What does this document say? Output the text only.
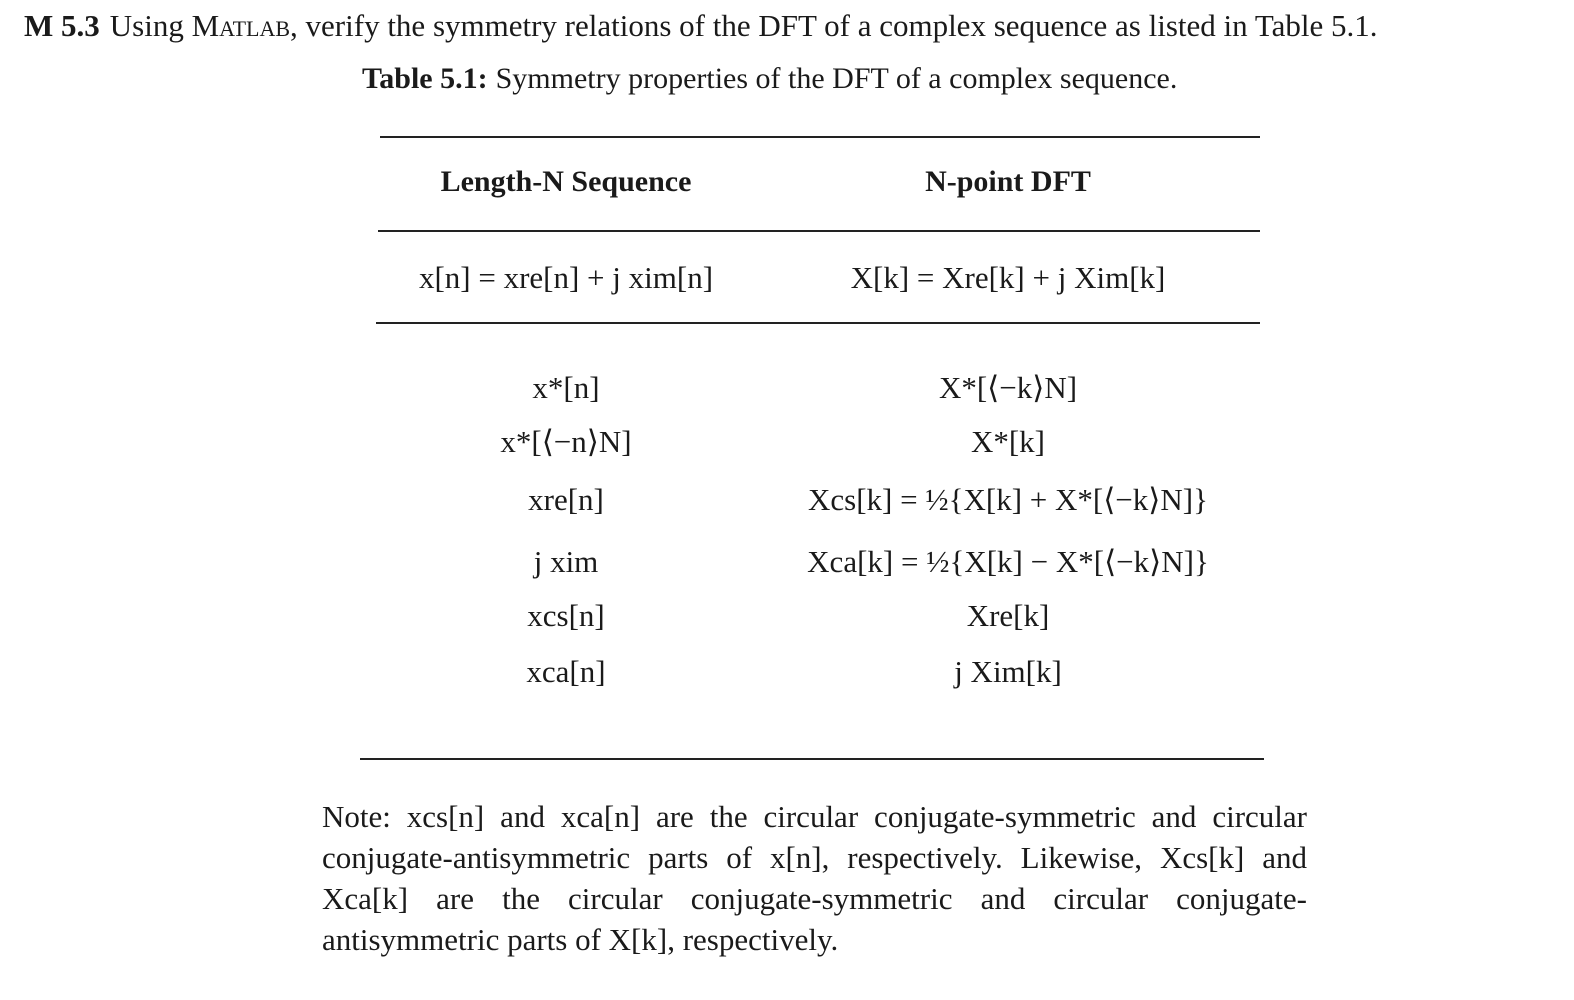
M 5.3 Using Matlab, verify the symmetry relations of the DFT of a complex sequence as listed in Table 5.1.
Table 5.1: Symmetry properties of the DFT of a complex sequence.
Length-N Sequence	N-point DFT
x[n] = xre[n] + j xim[n]	X[k] = Xre[k] + j Xim[k]
x*[n]	X*[⟨−k⟩N]
x*[⟨−n⟩N]	X*[k]
xre[n]	Xcs[k] = ½{X[k] + X*[⟨−k⟩N]}
j xim	Xca[k] = ½{X[k] − X*[⟨−k⟩N]}
xcs[n]	Xre[k]
xca[n]	j Xim[k]
Note: xcs[n] and xca[n] are the circular conjugate-symmetric and circular conjugate-antisymmetric parts of x[n], respectively. Likewise, Xcs[k] and Xca[k] are the circular conjugate-symmetric and circular conjugate-antisymmetric parts of X[k], respectively.
